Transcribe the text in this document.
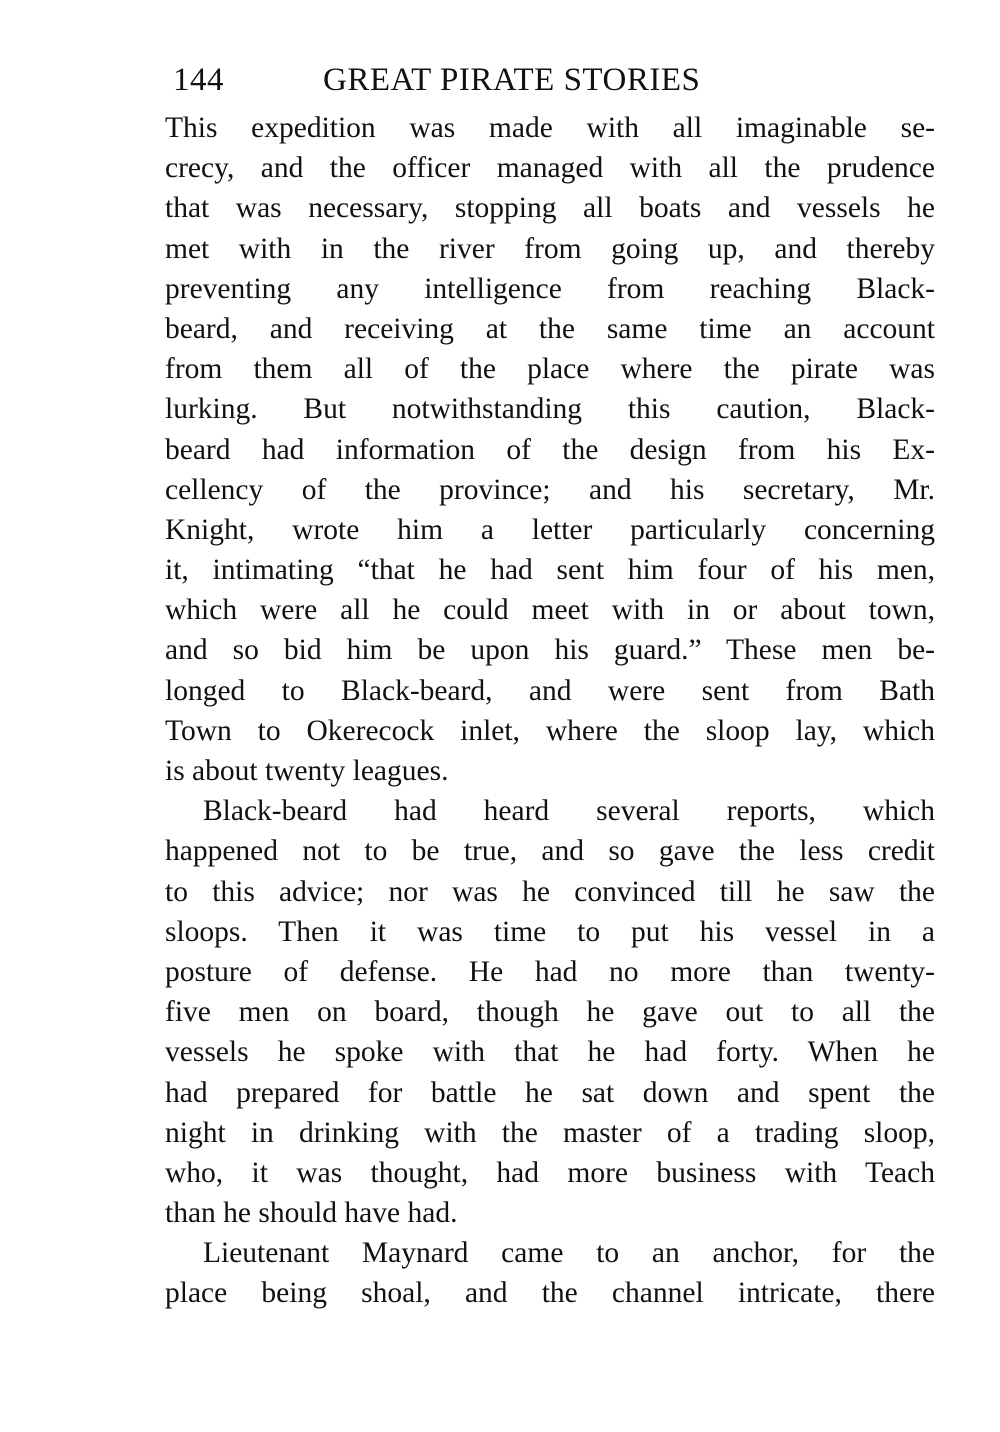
144	GREAT PIRATE STORIES
This expedition was made with all imaginable se-
crecy, and the officer managed with all the prudence
that was necessary, stopping all boats and vessels he
met with in the river from going up, and thereby
preventing any intelligence from reaching Black-
beard, and receiving at the same time an account
from them all of the place where the pirate was
lurking. But notwithstanding this caution, Black-
beard had information of the design from his Ex-
cellency of the province; and his secretary, Mr.
Knight, wrote him a letter particularly concerning
it, intimating “that he had sent him four of his men,
which were all he could meet with in or about town,
and so bid him be upon his guard.” These men be-
longed to Black-beard, and were sent from Bath
Town to Okerecock inlet, where the sloop lay, which
is about twenty leagues.
Black-beard had heard several reports, which
happened not to be true, and so gave the less credit
to this advice; nor was he convinced till he saw the
sloops. Then it was time to put his vessel in a
posture of defense. He had no more than twenty-
five men on board, though he gave out to all the
vessels he spoke with that he had forty. When he
had prepared for battle he sat down and spent the
night in drinking with the master of a trading sloop,
who, it was thought, had more business with Teach
than he should have had.
Lieutenant Maynard came to an anchor, for the
place being shoal, and the channel intricate, there
